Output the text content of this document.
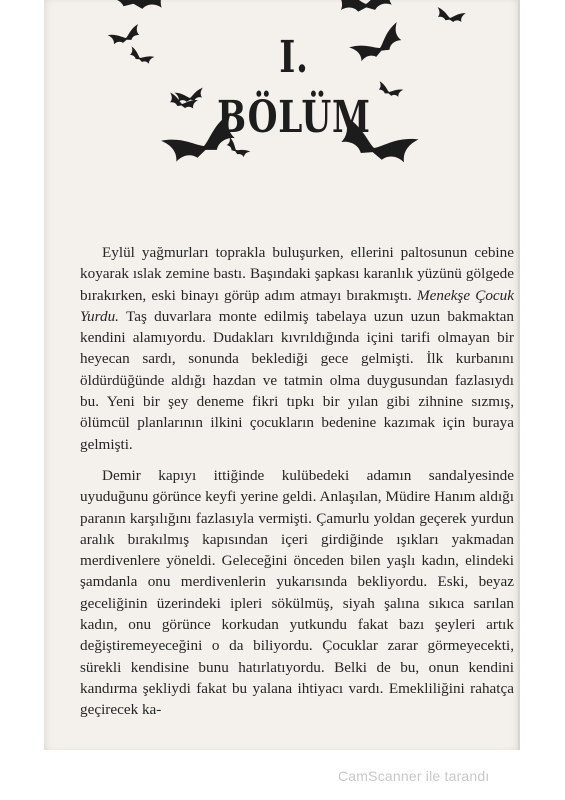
I. BÖLÜM

Eylül yağmurları toprakla buluşurken, ellerini paltosunun cebine koyarak ıslak zemine bastı. Başındaki şapkası karanlık yüzünü gölgede bırakırken, eski binayı görüp adım atmayı bırakmıştı. Menekşe Çocuk Yurdu. Taş duvarlara monte edilmiş tabelaya uzun uzun bakmaktan kendini alamıyordu. Dudakları kıvrıldığında içini tarifi olmayan bir heyecan sardı, sonunda beklediği gece gelmişti. İlk kurbanını öldürdüğünde aldığı hazdan ve tatmin olma duygusundan fazlasıydı bu. Yeni bir şey deneme fikri tıpkı bir yılan gibi zihnine sızmış, ölümcül planlarının ilkini çocukların bedenine kazımak için buraya gelmişti.

Demir kapıyı ittiğinde kulübedeki adamın sandalyesinde uyuduğunu görünce keyfi yerine geldi. Anlaşılan, Müdire Hanım aldığı paranın karşılığını fazlasıyla vermişti. Çamurlu yoldan geçerek yurdun aralık bırakılmış kapısından içeri girdiğinde ışıkları yakmadan merdivenlere yöneldi. Geleceğini önceden bilen yaşlı kadın, elindeki şamdanla onu merdivenlerin yukarısında bekliyordu. Eski, beyaz geceliğinin üzerindeki ipleri sökülmüş, siyah şalına sıkıca sarılan kadın, onu görünce korkudan yutkundu fakat bazı şeyleri artık değiştiremeyeceğini o da biliyordu. Çocuklar zarar görmeyecekti, sürekli kendisine bunu hatırlatıyordu. Belki de bu, onun kendini kandırma şekliydi fakat bu yalana ihtiyacı vardı. Emekliliğini rahatça geçirecek ka-

CamScanner ile tarandı
